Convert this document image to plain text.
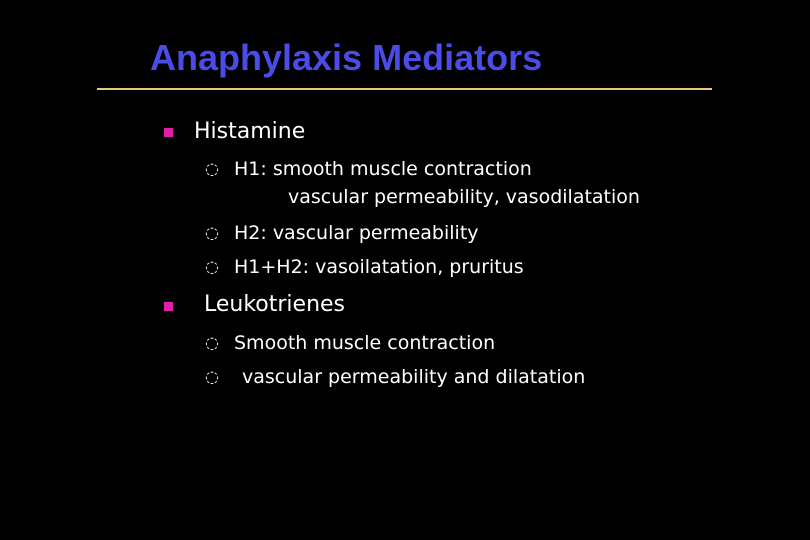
Anaphylaxis Mediators
Histamine
◌ H1: smooth muscle contraction
vascular permeability, vasodilatation
◌ H2: vascular permeability
◌ H1+H2: vasoilatation, pruritus
Leukotrienes
◌ Smooth muscle contraction
◌ vascular permeability and dilatation
